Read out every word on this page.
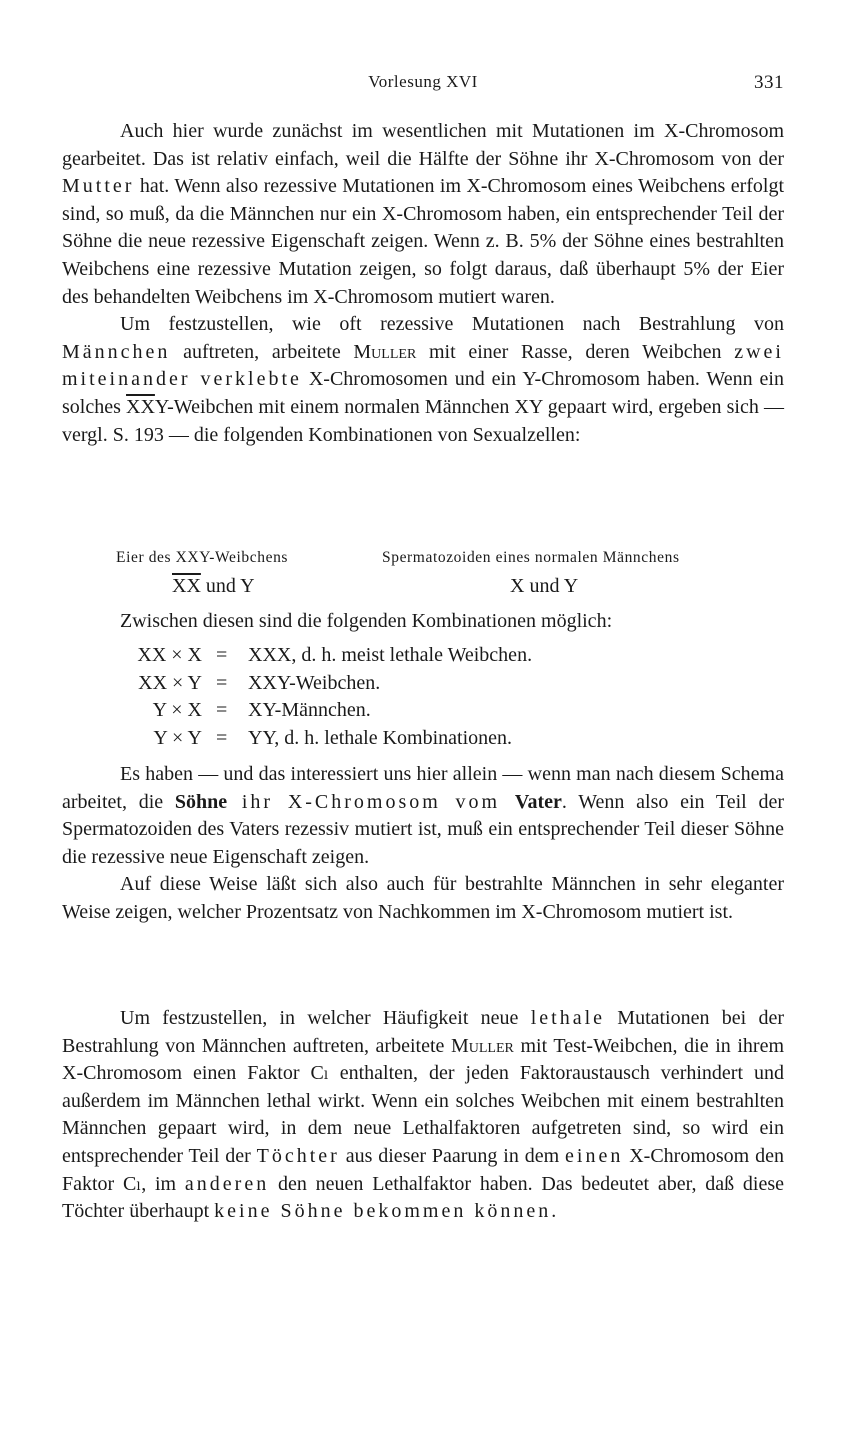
Vorlesung XVI	331

Auch hier wurde zunächst im wesentlichen mit Mutationen im X-Chromosom gearbeitet. Das ist relativ einfach, weil die Hälfte der Söhne ihr X-Chromosom von der Mutter hat. Wenn also rezessive Mutationen im X-Chromosom eines Weibchens erfolgt sind, so muß, da die Männchen nur ein X-Chromosom haben, ein entsprechender Teil der Söhne die neue rezessive Eigenschaft zeigen. Wenn z. B. 5% der Söhne eines bestrahlten Weibchens eine rezessive Mutation zeigen, so folgt daraus, daß überhaupt 5% der Eier des behandelten Weibchens im X-Chromosom mutiert waren.

Um festzustellen, wie oft rezessive Mutationen nach Bestrahlung von Männchen auftreten, arbeitete Muller mit einer Rasse, deren Weibchen zwei miteinander verklebte X-Chromosomen und ein Y-Chromosom haben. Wenn ein solches $\overline{XX}Y$-Weibchen mit einem normalen Männchen XY gepaart wird, ergeben sich — vergl. S. 193 — die folgenden Kombinationen von Sexualzellen:

Eier des XXY-Weibchens
$\overline{XX}$ und Y
Spermatozoiden eines normalen Männchens
X und Y

Zwischen diesen sind die folgenden Kombinationen möglich:

XX × X = XXX, d. h. meist lethale Weibchen.
XX × Y = XXY-Weibchen.
Y × X = XY-Männchen.
Y × Y = YY, d. h. lethale Kombinationen.

Es haben — und das interessiert uns hier allein — wenn man nach diesem Schema arbeitet, die Söhne ihr X-Chromosom vom Vater. Wenn also ein Teil der Spermatozoiden des Vaters rezessiv mutiert ist, muß ein entsprechender Teil dieser Söhne die rezessive neue Eigenschaft zeigen.

Auf diese Weise läßt sich also auch für bestrahlte Männchen in sehr eleganter Weise zeigen, welcher Prozentsatz von Nachkommen im X-Chromosom mutiert ist.

Um festzustellen, in welcher Häufigkeit neue lethale Mutationen bei der Bestrahlung von Männchen auftreten, arbeitete Muller mit Test-Weibchen, die in ihrem X-Chromosom einen Faktor Cₗ enthalten, der jeden Faktoraustausch verhindert und außerdem im Männchen lethal wirkt. Wenn ein solches Weibchen mit einem bestrahlten Männchen gepaart wird, in dem neue Lethalfaktoren aufgetreten sind, so wird ein entsprechender Teil der Töchter aus dieser Paarung in dem einen X-Chromosom den Faktor Cₗ, im anderen den neuen Lethalfaktor haben. Das bedeutet aber, daß diese Töchter überhaupt keine Söhne bekommen können.
